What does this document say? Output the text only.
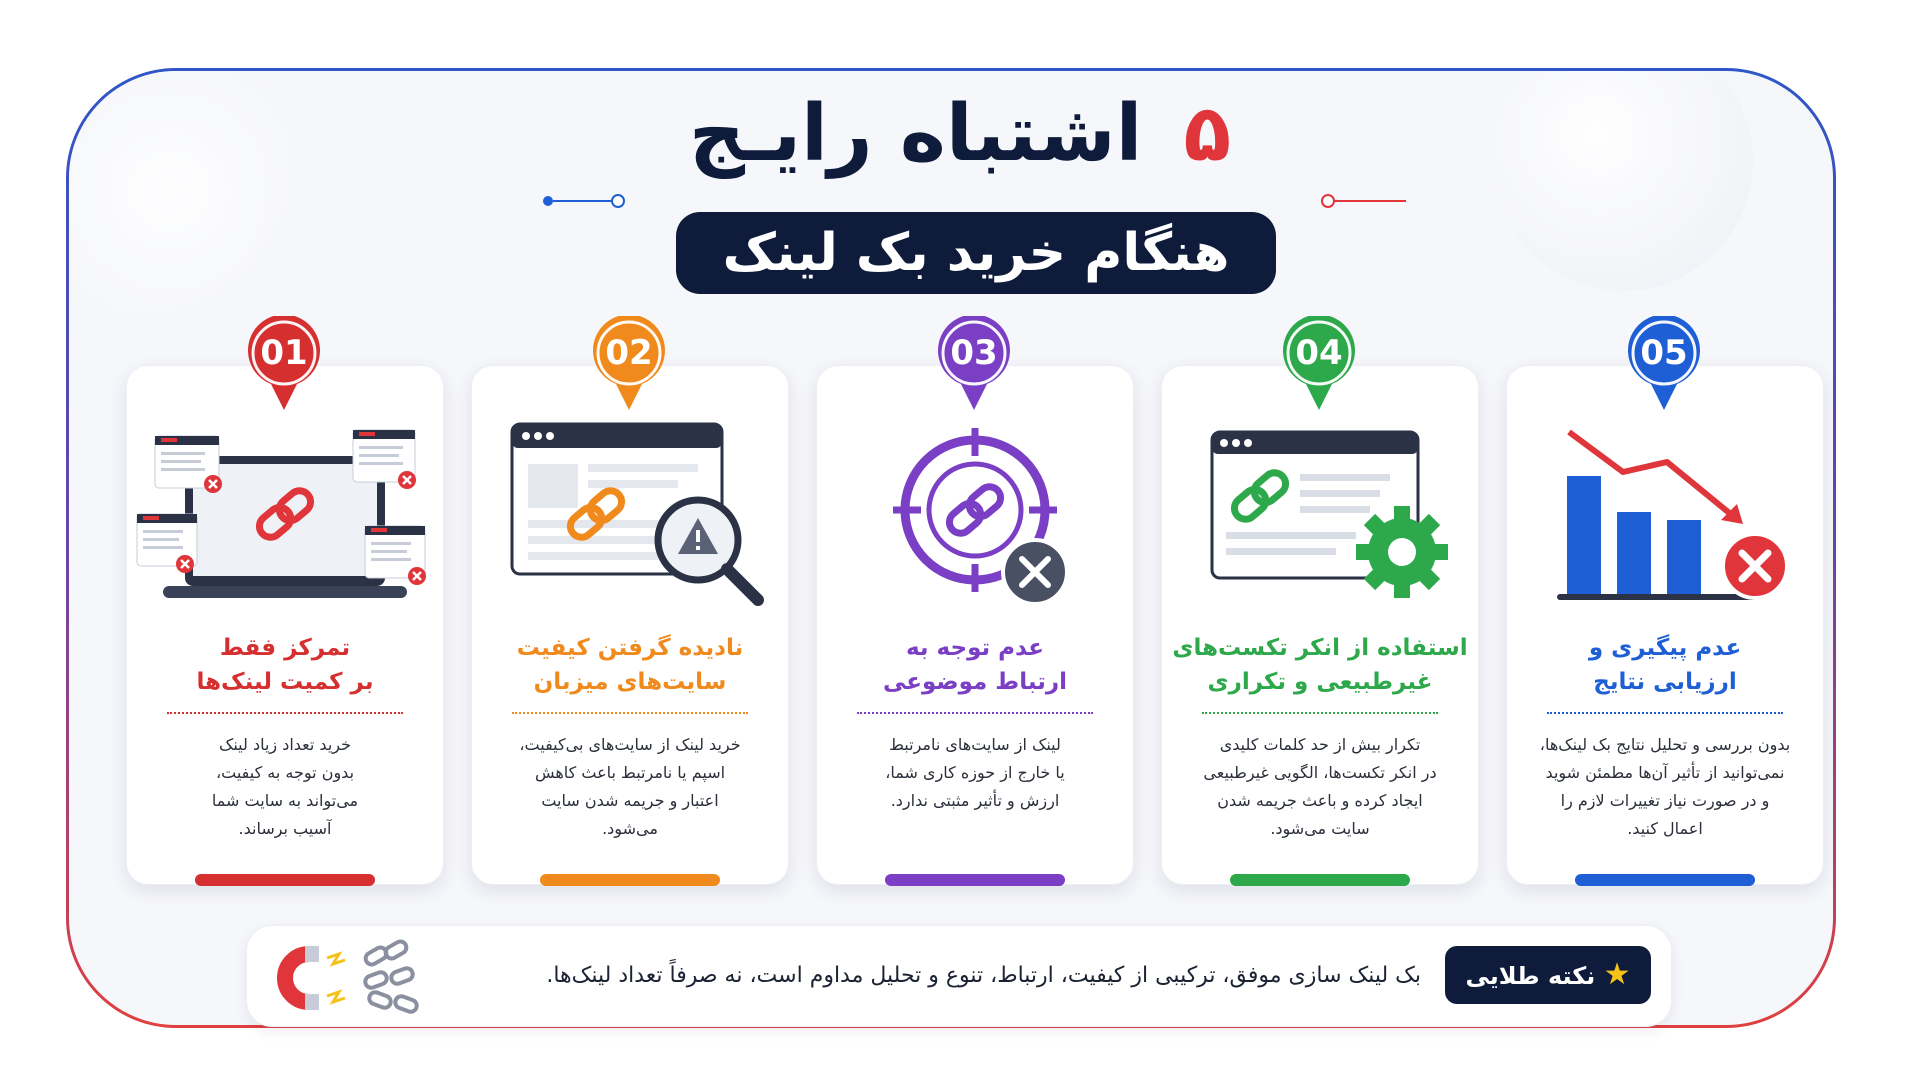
۵ اشتباه رایـج
هنگام خرید بک لینک
01
تمرکز فقط
بر کمیت لینک‌ها
خرید تعداد زیاد لینک
بدون توجه به کیفیت،
می‌تواند به سایت شما
آسیب برساند.
02
نادیده گرفتن کیفیت
سایت‌های میزبان
خرید لینک از سایت‌های بی‌کیفیت،
اسپم یا نامرتبط باعث کاهش
اعتبار و جریمه شدن سایت
می‌شود.
03
عدم توجه به
ارتباط موضوعی
لینک از سایت‌های نامرتبط
یا خارج از حوزه کاری شما،
ارزش و تأثیر مثبتی ندارد.
04
استفاده از انکر تکست‌های
غیرطبیعی و تکراری
تکرار بیش از حد کلمات کلیدی
در انکر تکست‌ها، الگویی غیرطبیعی
ایجاد کرده و باعث جریمه شدن
سایت می‌شود.
05
عدم پیگیری و
ارزیابی نتایج
بدون بررسی و تحلیل نتایج بک لینک‌ها،
نمی‌توانید از تأثیر آن‌ها مطمئن شوید
و در صورت نیاز تغییرات لازم را
اعمال کنید.
★ نکته طلایی
بک لینک سازی موفق، ترکیبی از کیفیت، ارتباط، تنوع و تحلیل مداوم است، نه صرفاً تعداد لینک‌ها.
